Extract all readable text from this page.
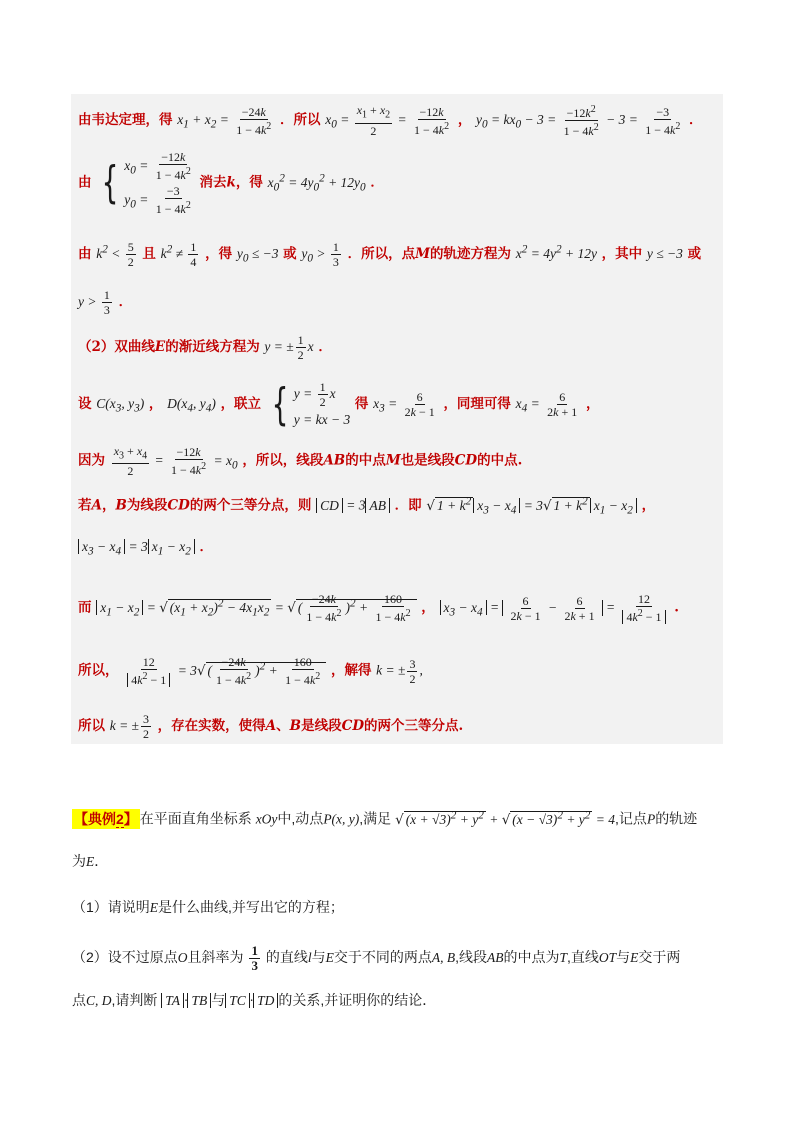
由韦达定理，得 $x_1 + x_2 = \frac{-24k}{1 - 4k^2}$ ．所以 $x_0 = \frac{x_1 + x_2}{2} = \frac{-12k}{1 - 4k^2}$ ， $y_0 = kx_0 - 3 = \frac{-12k^2}{1 - 4k^2} - 3 = \frac{-3}{1 - 4k^2}$ ．
由 { $x_0 = \frac{-12k}{1 - 4k^2}$
$y_0 = \frac{-3}{1 - 4k^2}$
消去k，得 $x_0^2 = 4y_0^2 + 12y_0$ ．
由 $k^2 < \frac{5}{2}$ 且 $k^2 \ne \frac{1}{4}$ ，得 $y_0 \le -3$ 或 $y_0 > \frac{1}{3}$ ．所以，点M的轨迹方程为 $x^2 = 4y^2 + 12y$ ，其中 y ≤ −3 或
$y > \frac{1}{3}$ ．
（2）双曲线E的渐近线方程为 y = ± $\frac{1}{2}$ x ．
设 $C(x_3$, $y_3$) ， $D(x_4$, $y_4$) ，联立 { $y = \frac{1}{2}$ x
y = kx − 3
得 $x_3 = \frac{6}{2k - 1}$ ，同理可得 $x_4 = \frac{6}{2k + 1}$ ，
因为 $\frac{x_3 + x_4}{2} = \frac{-12k}{1 - 4k^2} = x_0$ ，所以，线段AB的中点M也是线段CD的中点.
若A，B为线段CD的两个三等分点，则 CD = 3 AB ．即 √ $1 + k^2$ $x_3 - x_4 = 3√$ $1 + k^2$ $x_1 - x_2$ ，
$x_3 - x_4 = 3$ $x_1 - x_2$ ．
而 $x_1 - x_2$ = √ $(x_1 + x_2)^2 - 4x_1x_2$ = √ ( $\frac{-24k}{1 - 4k^2} )^2 + \frac{160}{1 - 4k^2}$ ， $x_3 - x_4 = \frac{6}{2k - 1} - \frac{6}{2k + 1} = \frac{12}{4k^2 - 1}$ .
所以， $\frac{12}{4k^2 - 1} = 3√$ ( $\frac{-24k}{1 - 4k^2} )^2 + \frac{160}{1 - 4k^2}$ ，解得 k = ± $\frac{3}{2}$ ,
所以 k = ± $\frac{3}{2}$ ，存在实数，使得A、B是线段CD的两个三等分点.
【典例2】 在平面直角坐标系 xOy中,动点P(x, y),满足 √ $(x + √3)^2 + y^2$ + √ $(x - √3)^2 + y^2 = 4$,记点P的轨迹
为E．
（1）请说明E是什么曲线,并写出它的方程；
（2）设不过原点O且斜率为 $\frac{1}{3}$ 的直线l与E交于不同的两点A, B,线段AB的中点为T,直线OT与E交于两
点C, D,请判断 TA · TB 与 TC · TD 的关系,并证明你的结论．
